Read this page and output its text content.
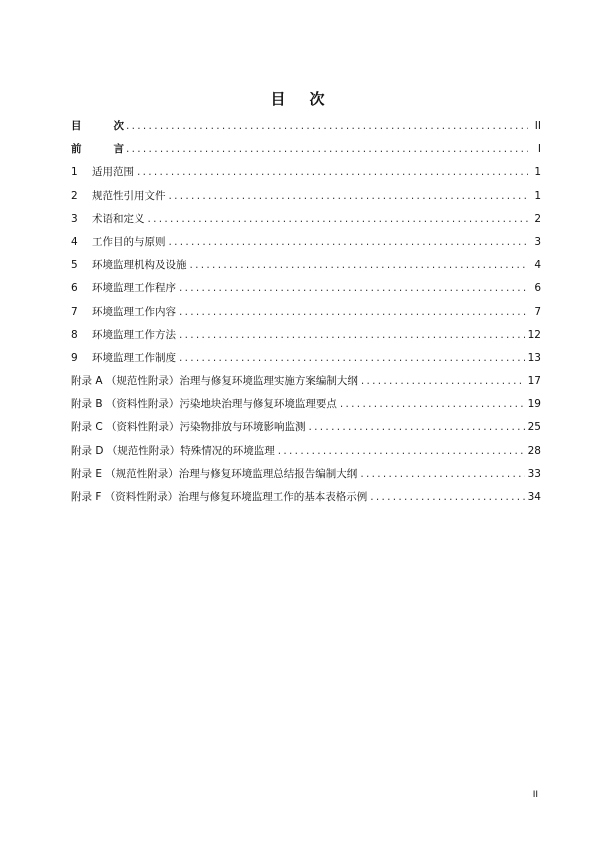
目 次
目	次 .....	II
前	言 .....	I
1	适用范围 .....	1
2	规范性引用文件 .....	1
3	术语和定义 .....	2
4	工作目的与原则 .....	3
5	环境监理机构及设施 .....	4
6	环境监理工作程序 .....	6
7	环境监理工作内容 .....	7
8	环境监理工作方法 .....	12
9	环境监理工作制度 .....	13
附录 A （规范性附录）治理与修复环境监理实施方案编制大纲 .....	17
附录 B （资料性附录）污染地块治理与修复环境监理要点 .....	19
附录 C （资料性附录）污染物排放与环境影响监测 .....	25
附录 D （规范性附录）特殊情况的环境监理 .....	28
附录 E （规范性附录）治理与修复环境监理总结报告编制大纲 .....	33
附录 F （资料性附录）治理与修复环境监理工作的基本表格示例 .....	34
II
